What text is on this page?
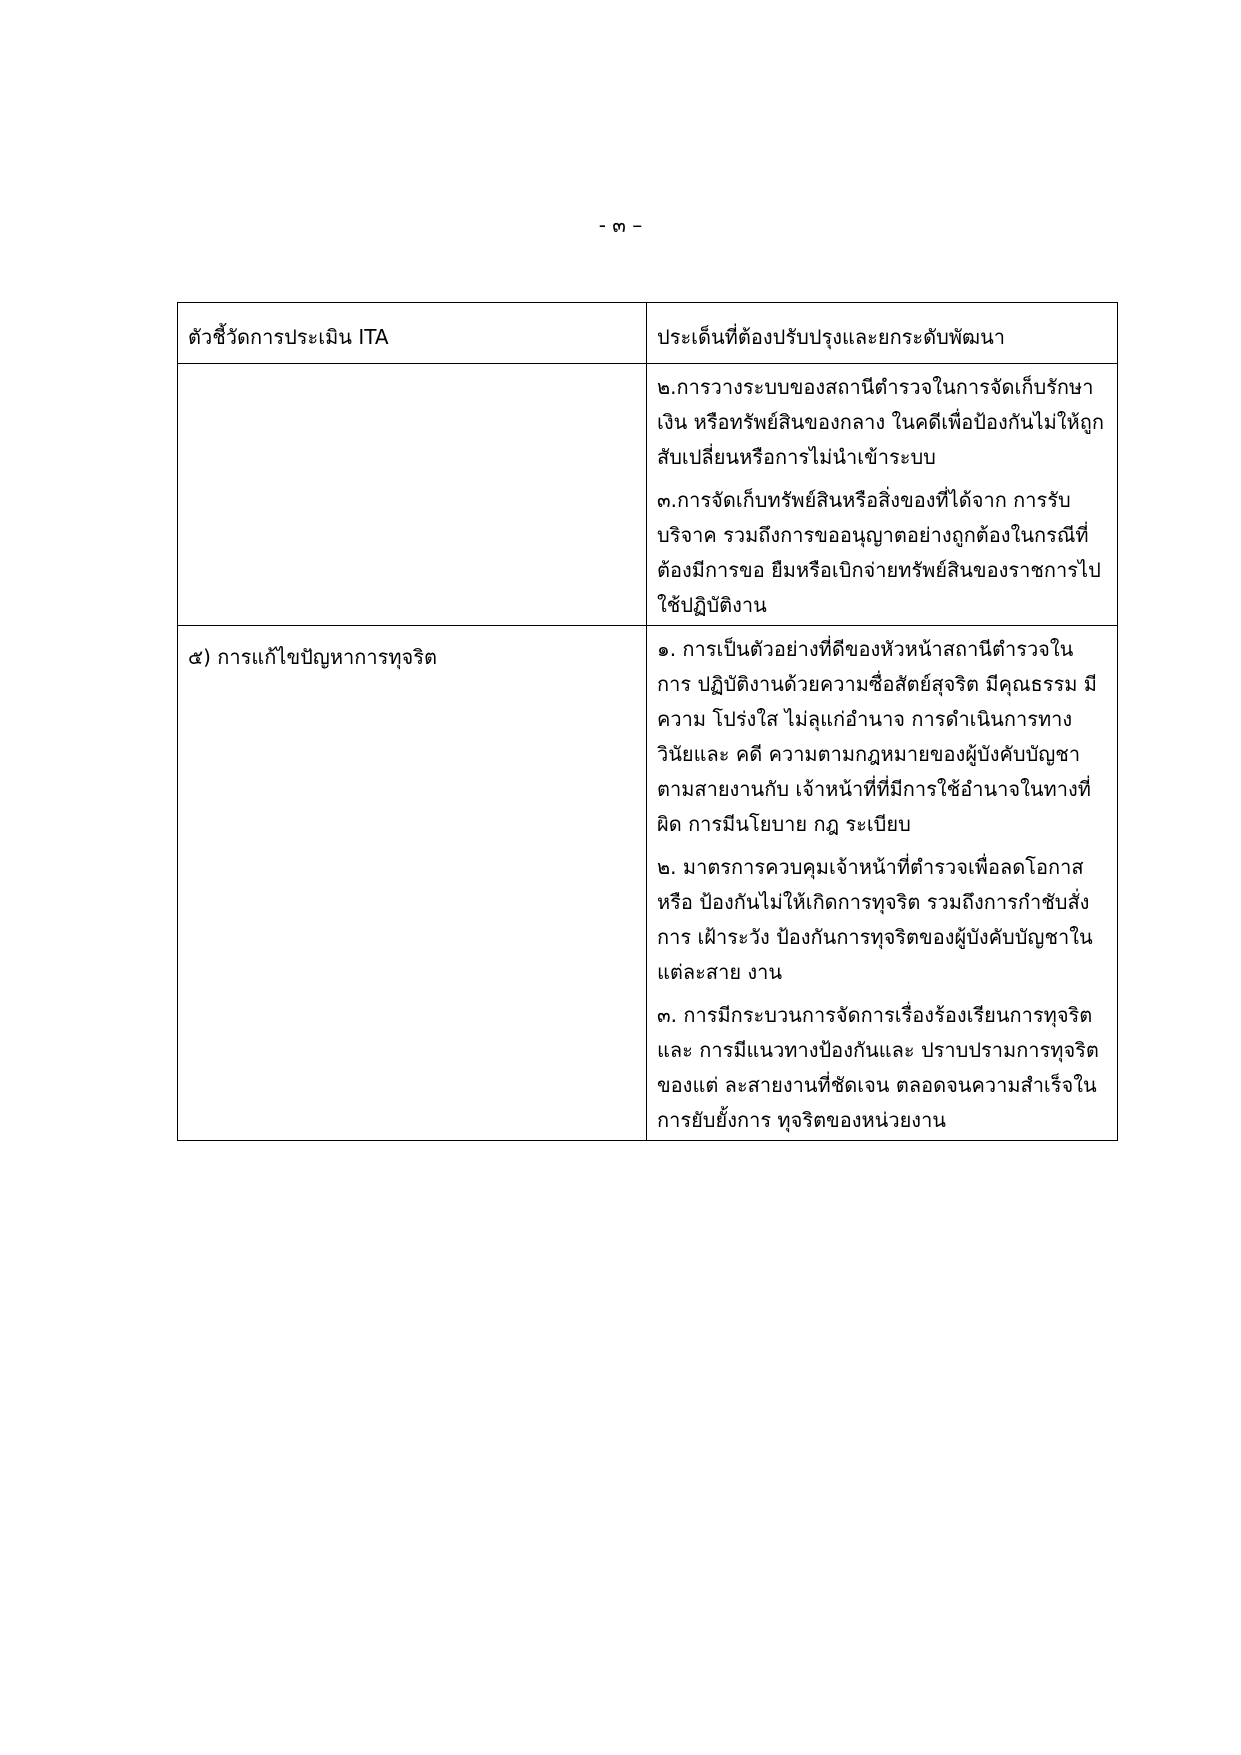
- ๓ –
ตัวชี้วัดการประเมิน ITA	ประเด็นที่ต้องปรับปรุงและยกระดับพัฒนา

	๒.การวางระบบของสถานีตำรวจในการจัดเก็บรักษาเงิน หรือทรัพย์สินของกลาง ในคดีเพื่อป้องกันไม่ให้ถูก สับเปลี่ยนหรือการไม่นำเข้าระบบ

๓.การจัดเก็บทรัพย์สินหรือสิ่งของที่ได้จาก การรับบริจาค รวมถึงการขออนุญาตอย่างถูกต้องในกรณีที่ต้องมีการขอ ยืมหรือเบิกจ่ายทรัพย์สินของราชการไปใช้ปฏิบัติงาน

๕) การแก้ไขปัญหาการทุจริต	๑. การเป็นตัวอย่างที่ดีของหัวหน้าสถานีตำรวจในการ ปฏิบัติงานด้วยความซื่อสัตย์สุจริต มีคุณธรรม มีความ โปร่งใส ไม่ลุแก่อำนาจ การดำเนินการทางวินัยและ คดี ความตามกฎหมายของผู้บังคับบัญชาตามสายงานกับ เจ้าหน้าที่ที่มีการใช้อำนาจในทางที่ผิด การมีนโยบาย กฎ ระเบียบ

๒. มาตรการควบคุมเจ้าหน้าที่ตำรวจเพื่อลดโอกาสหรือ ป้องกันไม่ให้เกิดการทุจริต รวมถึงการกำชับสั่งการ เฝ้าระวัง ป้องกันการทุจริตของผู้บังคับบัญชาในแต่ละสาย งาน

๓. การมีกระบวนการจัดการเรื่องร้องเรียนการทุจริตและ การมีแนวทางป้องกันและ ปราบปรามการทุจริตของแต่ ละสายงานที่ชัดเจน ตลอดจนความสำเร็จในการยับยั้งการ ทุจริตของหน่วยงาน
